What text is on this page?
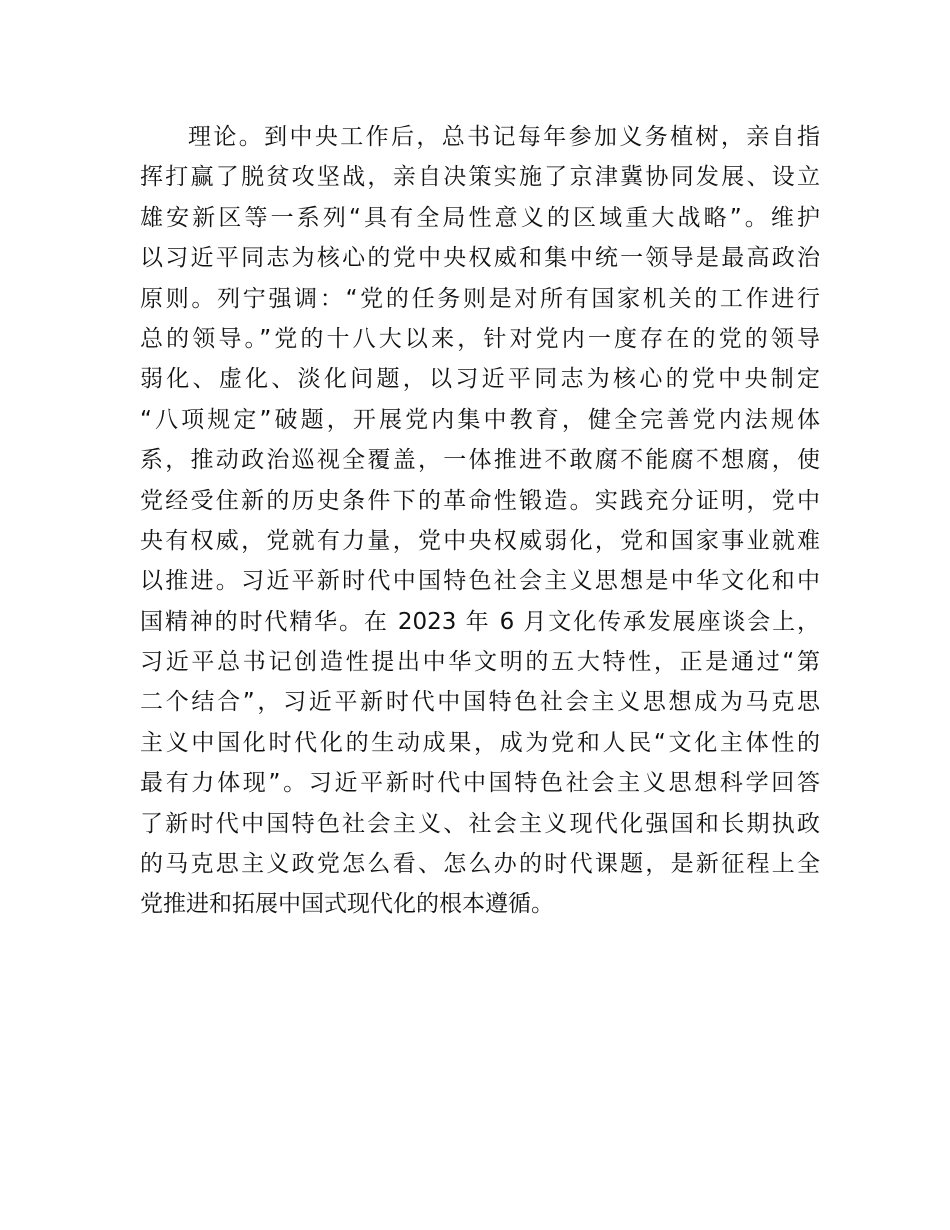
理论。到中央工作后，总书记每年参加义务植树，亲自指
挥打赢了脱贫攻坚战，亲自决策实施了京津冀协同发展、设立
雄安新区等一系列“具有全局性意义的区域重大战略”。维护
以习近平同志为核心的党中央权威和集中统一领导是最高政治
原则。列宁强调：“党的任务则是对所有国家机关的工作进行
总的领导。”党的十八大以来，针对党内一度存在的党的领导
弱化、虚化、淡化问题，以习近平同志为核心的党中央制定
“八项规定”破题，开展党内集中教育，健全完善党内法规体
系，推动政治巡视全覆盖，一体推进不敢腐不能腐不想腐，使
党经受住新的历史条件下的革命性锻造。实践充分证明，党中
央有权威，党就有力量，党中央权威弱化，党和国家事业就难
以推进。习近平新时代中国特色社会主义思想是中华文化和中
国精神的时代精华。在 2023 年 6 月文化传承发展座谈会上，
习近平总书记创造性提出中华文明的五大特性，正是通过“第
二个结合”，习近平新时代中国特色社会主义思想成为马克思
主义中国化时代化的生动成果，成为党和人民“文化主体性的
最有力体现”。习近平新时代中国特色社会主义思想科学回答
了新时代中国特色社会主义、社会主义现代化强国和长期执政
的马克思主义政党怎么看、怎么办的时代课题，是新征程上全
党推进和拓展中国式现代化的根本遵循。
